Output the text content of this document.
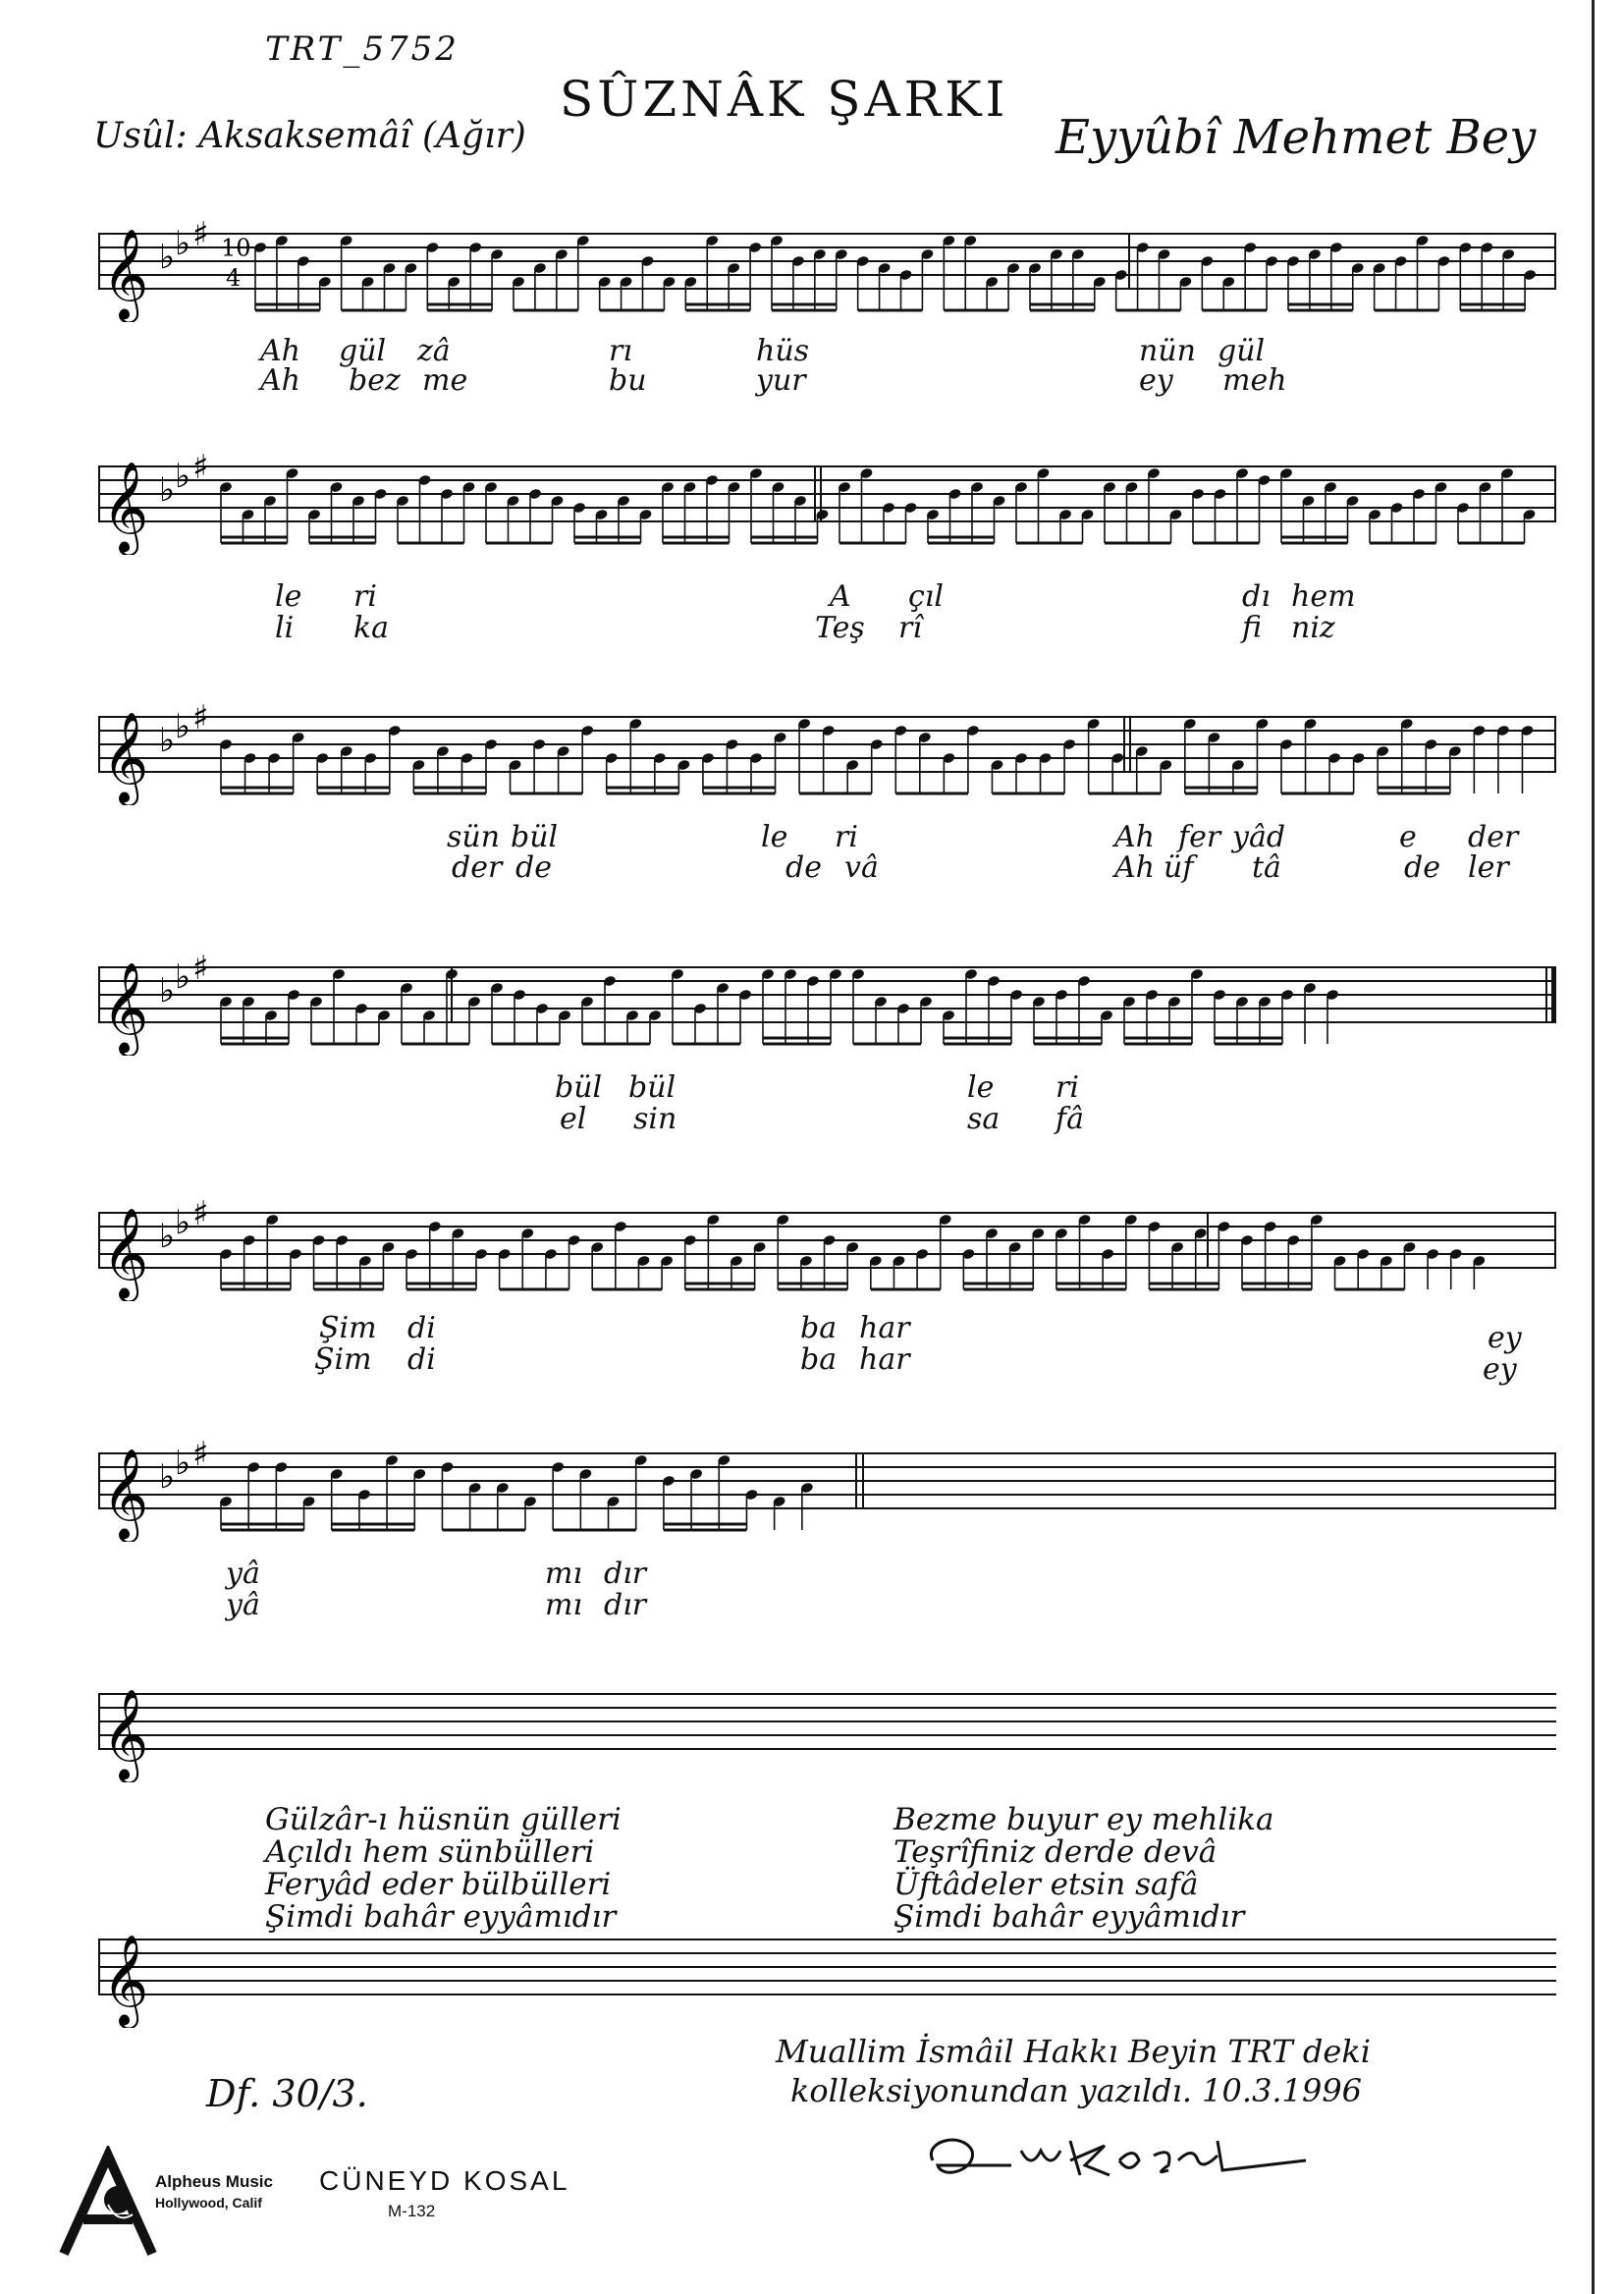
TRT_5752
SÛZNÂK ŞARKI
Usûl: Aksaksemâî (Ağır)	Eyyûbî Mehmet Bey
𝄞 ♭ ♭ ♯ 10
4
𝄞 ♭ ♭ ♯
𝄞 ♭ ♭ ♯
𝄞 ♭ ♭ ♯
𝄞 ♭ ♭ ♯
𝄞 ♭ ♭ ♯
𝄞
𝄞
Ah gül zâ	rı	hüs	nün gül
Ah bez me	bu	yur	ey meh
le ri	A çıl	dı hem
li ka	Teş rî	fi niz
sün bül	le ri	Ah fer yâd	e der
der de	de vâ	Ah üf tâ	de ler
bül bül	le ri
el sin	sa fâ
Şim di	ba har	ey
Şim di	ba har	ey
yâ	mı dır
yâ	mı dır
Gülzâr-ı hüsnün gülleri
Açıldı hem sünbülleri
Feryâd eder bülbülleri
Şimdi bahâr eyyâmıdır
Bezme buyur ey mehlika
Teşrîfiniz derde devâ
Üftâdeler etsin safâ
Şimdi bahâr eyyâmıdır
Muallim İsmâil Hakkı Beyin TRT deki
kolleksiyonundan yazıldı. 10.3.1996
Df. 30/3.
Alpheus Music
Hollywood, Calif
CÜNEYD KOSAL
M-132
